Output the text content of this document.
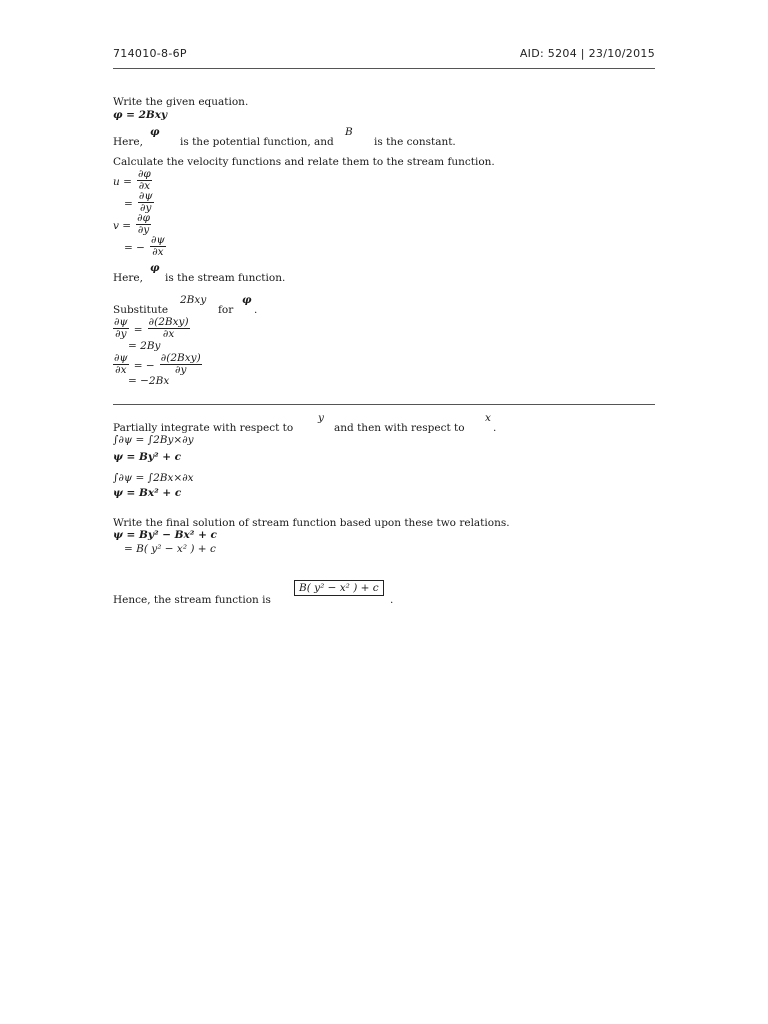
714010-8-6P	AID: 5204 | 23/10/2015
Write the given equation.
φ = 2Bxy
Here,
φ
is the potential function, and
B
is the constant.
Calculate the velocity functions and relate them to the stream function.
$u = \frac{\partial\varphi}{\partial x}$
= $\frac{\partial\psi}{\partial y}$
$v = \frac{\partial\varphi}{\partial y}$
= − $\frac{\partial\psi}{\partial x}$
Here,
φ
is the stream function.
2Bxy	φ
Substitute	for .
$\frac{\partial\psi}{\partial y} = \frac{\text{∂(2Bxy)}}{\partial x}$
= 2By
$\frac{\partial\psi}{\partial x}$ = − $\frac{\text{∂(2Bxy)}}{\partial y}$
= −2Bx
y	x
Partially integrate with respect to	and then with respect to	.
∫∂ψ = ∫2By×∂y
ψ = By² + c
∫∂ψ = ∫2Bx×∂x
ψ = Bx² + c
Write the final solution of stream function based upon these two relations.
ψ = By² − Bx² + c
= B( y² − x² ) + c
B( y² − x² ) + c
Hence, the stream function is	.
